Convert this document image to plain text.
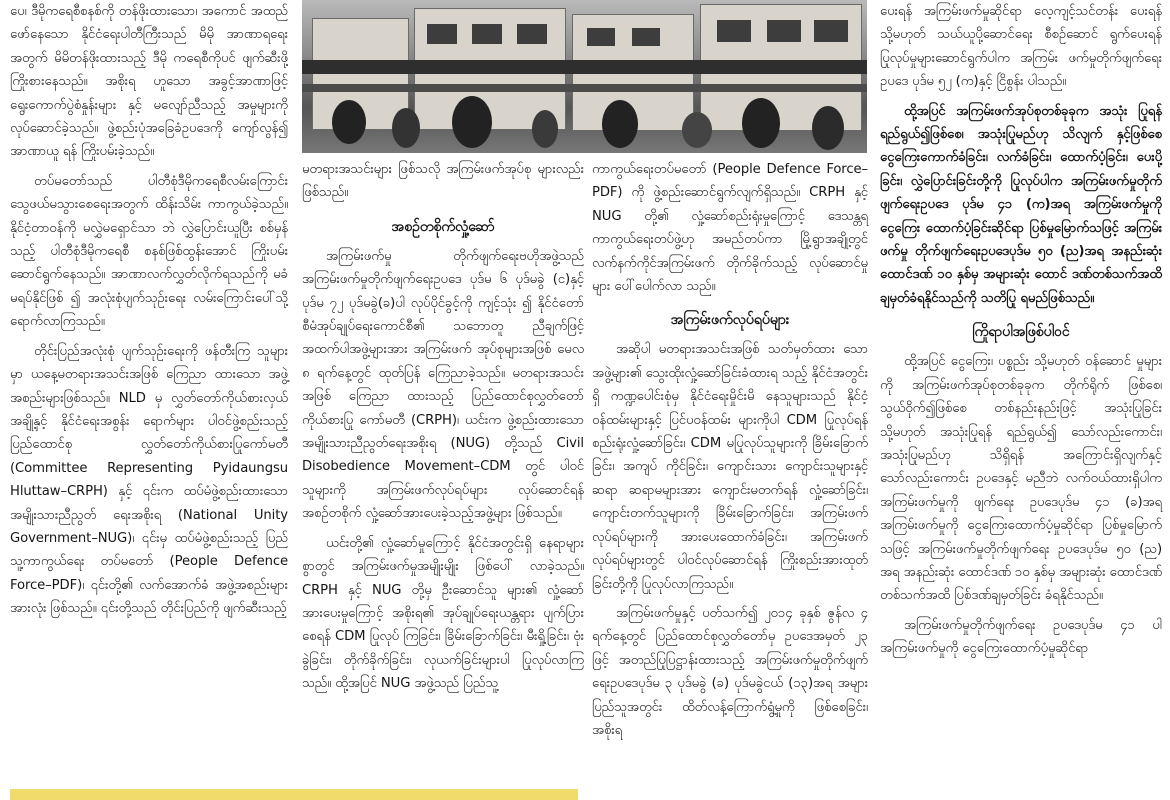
ပေ၊ ဒီမိုကရေစီစနစ်ကို တန်ဖိုးထားသော၊ အကောင် အထည်ဖော်နေသော နိုင်ငံရေးပါတီကြီးသည် မိမို အာဏာရရေးအတွက် မိမိတန်ဖိုးထားသည့် ဒီမို ကရေစီကိုပင် ဖျက်ဆီးဖို့ ကြိုးစားနေသည်။ အစိုးရ ဟူသော အခွင့်အာဏာဖြင့် ရွေးကောက်ပွဲစံနှုန်းများ နှင့် မလျော်ညီသည့် အမှုများကို လုပ်ဆောင်ခဲ့သည်။ ဖွဲ့စည်းပုံအခြေခံဥပဒေကို ကျော်လွန်၍ အာဏာယူ ရန် ကြိုးပမ်းခဲ့သည်။

တပ်မတော်သည် ပါတီစုံဒီမိုကရေစီလမ်းကြောင်း သွေဖယ်မသွားစေရေးအတွက် ထိန်းသိမ်း ကာကွယ်ခဲ့သည်။ နိုင်ငံ့တာဝန်ကို မလွှဲမရှောင်သာ ဘဲ လွှဲပြောင်းယူပြီး စစ်မှန်သည့် ပါတီစုံဒီမိုကရေစီ စနစ်ဖြစ်ထွန်းအောင် ကြိုးပမ်းဆောင်ရွက်နေသည်။ အာဏာလက်လွှတ်လိုက်ရသည်ကို မခံမရပ်နိုင်ဖြစ် ၍ အလုံးစုံပျက်သုဉ်းရေး လမ်းကြောင်းပေါ်သို့ ရောက်လာကြသည်။

တိုင်းပြည်အလုံးစုံ ပျက်သုဉ်းရေးကို ဖန်တီးကြ သူများမှာ ယနေ့မတရားအသင်းအဖြစ် ကြေညာ ထားသော အဖွဲ့အစည်းများဖြစ်သည်။ NLD မှ လွှတ်တော်ကိုယ်စားလှယ်အချို့နှင့် နိုင်ငံရေးအစွန်း ရောက်များ ပါဝင်ဖွဲ့စည်းသည့် ပြည်ထောင်စု လွှတ်တော်ကိုယ်စားပြုကော်မတီ (Committee Representing Pyidaungsu Hluttaw–CRPH) နှင့် ၎င်းက ထပ်မံဖွဲ့စည်းထားသော အမျိုးသားညီညွတ် ရေးအစိုးရ (National Unity Government–NUG)၊ ၎င်းမှ ထပ်မံဖွဲ့စည်းသည့် ပြည်သူ့ကာကွယ်ရေး တပ်မတော် (People Defence Force–PDF)၊ ၎င်းတို့၏ လက်အောက်ခံ အဖွဲ့အစည်းများအားလုံး ဖြစ်သည်။ ၎င်းတို့သည် တိုင်းပြည်ကို ဖျက်ဆီးသည့်

မတရားအသင်းများ ဖြစ်သလို အကြမ်းဖက်အုပ်စု များလည်း ဖြစ်သည်။

အစဉ်တစိုက်လှုံ့ဆော်

အကြမ်းဖက်မှု တိုက်ဖျက်ရေးဗဟိုအဖွဲ့သည် အကြမ်းဖက်မှုတိုက်ဖျက်ရေးဥပဒေ ပုဒ်မ ၆ ပုဒ်မခွဲ (င)နှင့် ပုဒ်မ ၇၂ ပုဒ်မခွဲ(ခ)ပါ လုပ်ပိုင်ခွင့်ကို ကျင့်သုံး ၍ နိုင်ငံတော်စီမံအုပ်ချုပ်ရေးကောင်စီ၏ သဘောတူ ညီချက်ဖြင့် အထက်ပါအဖွဲ့များအား အကြမ်းဖက် အုပ်စုများအဖြစ် မေလ ၈ ရက်နေ့တွင် ထုတ်ပြန် ကြေညာခဲ့သည်။ မတရားအသင်းအဖြစ် ကြေညာ ထားသည့် ပြည်ထောင်စုလွှတ်တော်ကိုယ်စားပြု ကော်မတီ (CRPH)၊ ယင်းက ဖွဲ့စည်းထားသော အမျိုးသားညီညွတ်ရေးအစိုးရ (NUG) တို့သည် Civil Disobedience Movement–CDM တွင် ပါဝင် သူများကို အကြမ်းဖက်လုပ်ရပ်များ လုပ်ဆောင်ရန် အစဉ်တစိုက် လှုံ့ဆော်အားပေးခဲ့သည့်အဖွဲ့များ ဖြစ်သည်။

ယင်းတို့၏ လှုံ့ဆော်မှုကြောင့် နိုင်ငံအတွင်းရှိ နေရာများစွာတွင် အကြမ်းဖက်မှုအမျိုးမျိုး ဖြစ်ပေါ် လာခဲ့သည်။ CRPH နှင့် NUG တို့မှ ဦးဆောင်သူ များ၏ လှုံ့ဆော်အားပေးမှုကြောင့် အစိုးရ၏ အုပ်ချုပ်ရေးယန္တရား ပျက်ပြားစေရန် CDM ပြုလုပ် ကြခြင်း၊ ခြိမ်းခြောက်ခြင်း၊ မီးရှို့ခြင်း၊ ဗုံးခွဲခြင်း၊ တိုက်ခိုက်ခြင်း၊ လုယက်ခြင်းများပါ ပြုလုပ်လာကြ သည်။ ထို့အပြင် NUG အဖွဲ့သည် ပြည်သူ့

ကာကွယ်ရေးတပ်မတော် (People Defence Force–PDF) ကို ဖွဲ့စည်းဆောင်ရွက်လျက်ရှိသည်။ CRPH နှင့် NUG တို့၏ လှုံ့ဆော်စည်းရုံးမှုကြောင့် ဒေသန္တရ ကာကွယ်ရေးတပ်ဖွဲ့ဟု အမည်တပ်ကာ မြို့ရွာအချို့တွင် လက်နက်ကိုင်အကြမ်းဖက် တိုက်ခိုက်သည့် လုပ်ဆောင်မှုများ ပေါ်ပေါက်လာ သည်။

အကြမ်းဖက်လုပ်ရပ်များ

အဆိုပါ မတရားအသင်းအဖြစ် သတ်မှတ်ထား သော အဖွဲ့များ၏ သွေးထိုးလှုံ့ဆော်ခြင်းခံထားရ သည့် နိုင်ငံအတွင်းရှိ ကဏ္ဍပေါင်းစုံမှ နိုင်ငံရေးမှိုင်းမိ နေသူများသည် နိုင်ငံ့ဝန်ထမ်းများနှင့် ပြင်ပဝန်ထမ်း များကိုပါ CDM ပြုလုပ်ရန် စည်းရုံးလှုံ့ဆော်ခြင်း၊ CDM မပြုလုပ်သူများကို ခြိမ်းခြောက်ခြင်း၊ အကျပ် ကိုင်ခြင်း၊ ကျောင်းသား ကျောင်းသူများနှင့် ဆရာ ဆရာမများအား ကျောင်းမတက်ရန် လှုံ့ဆော်ခြင်း၊ ကျောင်းတက်သူများကို ခြိမ်းခြောက်ခြင်း၊ အကြမ်းဖက်လုပ်ရပ်များကို အားပေးထောက်ခံခြင်း၊ အကြမ်းဖက် လုပ်ရပ်များတွင် ပါဝင်လုပ်ဆောင်ရန် ကြိုးစည်းအားထုတ်ခြင်းတို့ကို ပြုလုပ်လာကြသည်။

အကြမ်းဖက်မှုနှင့် ပတ်သက်၍ ၂၀၁၄ ခုနှစ် ဇွန်လ ၄ ရက်နေ့တွင် ပြည်ထောင်စုလွှတ်တော်မှ ဥပဒေအမှတ် ၂၃ ဖြင့် အတည်ပြုပြဋ္ဌာန်းထားသည့် အကြမ်းဖက်မှုတိုက်ဖျက်ရေးဥပဒေပုဒ်မ ၃ ပုဒ်မခွဲ (ခ) ပုဒ်မခွဲငယ် (၁၃)အရ အများပြည်သူအတွင်း ထိတ်လန့်ကြောက်ရွံ့မှုကို ဖြစ်စေခြင်း၊ အစိုးရ

ပေးရန် အကြမ်းဖက်မှုဆိုင်ရာ လေ့ကျင့်သင်တန်း ပေးရန် သို့မဟုတ် သယ်ယူပို့ဆောင်ရေး စီစဉ်ဆောင် ရွက်ပေးရန် ပြုလုပ်မှုများဆောင်ရွက်ပါက အကြမ်း ဖက်မှုတိုက်ဖျက်ရေးဥပဒေ ပုဒ်မ ၅၂ (က)နှင့် ငြိစွန်း ပါသည်။

ထို့အပြင် အကြမ်းဖက်အုပ်စုတစ်ခုခုက အသုံး ပြုရန် ရည်ရွယ်၍ဖြစ်စေ၊ အသုံးပြုမည်ဟု သိလျက် နှင့်ဖြစ်စေ ငွေကြေးကောက်ခံခြင်း၊ လက်ခံခြင်း၊ ထောက်ပံ့ခြင်း၊ ပေးပို့ခြင်း၊ လွှဲပြောင်းခြင်းတို့ကို ပြုလုပ်ပါက အကြမ်းဖက်မှုတိုက်ဖျက်ရေးဥပဒေ ပုဒ်မ ၄၁ (က)အရ အကြမ်းဖက်မှုကို ငွေကြေး ထောက်ပံ့ခြင်းဆိုင်ရာ ပြစ်မှုမြောက်သဖြင့် အကြမ်း ဖက်မှု တိုက်ဖျက်ရေးဥပဒေပုဒ်မ ၅၀ (ည)အရ အနည်းဆုံးထောင်ဒဏ် ၁၀ နှစ်မှ အများဆုံး ထောင် ဒဏ်တစ်သက်အထိ ချမှတ်ခံရနိုင်သည်ကို သတိပြု ရမည်ဖြစ်သည်။

ကြိုရာပါအဖြစ်ပါဝင်

ထို့အပြင် ငွေကြေး၊ ပစ္စည်း သို့မဟုတ် ဝန်ဆောင် မှုများကို အကြမ်းဖက်အုပ်စုတစ်ခုခုက တိုက်ရိုက် ဖြစ်စေ၊ သွယ်ဝိုက်၍ဖြစ်စေ တစ်နည်းနည်းဖြင့် အသုံးပြုခြင်း သို့မဟုတ် အသုံးပြုရန် ရည်ရွယ်၍ သော်လည်းကောင်း၊ အသုံးပြုမည်ဟု သိရှိရန် အကြောင်းရှိလျက်နှင့်သော်လည်းကောင်း ဥပဒေနှင့် မညီဘဲ လက်ဝယ်ထားရှိပါက အကြမ်းဖက်မှုကို ဖျက်ရေး ဥပဒေပုဒ်မ ၄၁ (ခ)အရ အကြမ်းဖက်မှုကို ငွေကြေးထောက်ပံ့မှုဆိုင်ရာ ပြစ်မှုမြောက်သဖြင့် အကြမ်းဖက်မှုတိုက်ဖျက်ရေး ဥပဒေပုဒ်မ ၅၀ (ည) အရ အနည်းဆုံး ထောင်ဒဏ် ၁၀ နှစ်မှ အများဆုံး ထောင်ဒဏ်တစ်သက်အထိ ပြစ်ဒဏ်ချမှတ်ခြင်း ခံရနိုင်သည်။

အကြမ်းဖက်မှုတိုက်ဖျက်ရေး ဥပဒေပုဒ်မ ၄၁ ပါ အကြမ်းဖက်မှုကို ငွေကြေးထောက်ပံ့မှုဆိုင်ရာ
